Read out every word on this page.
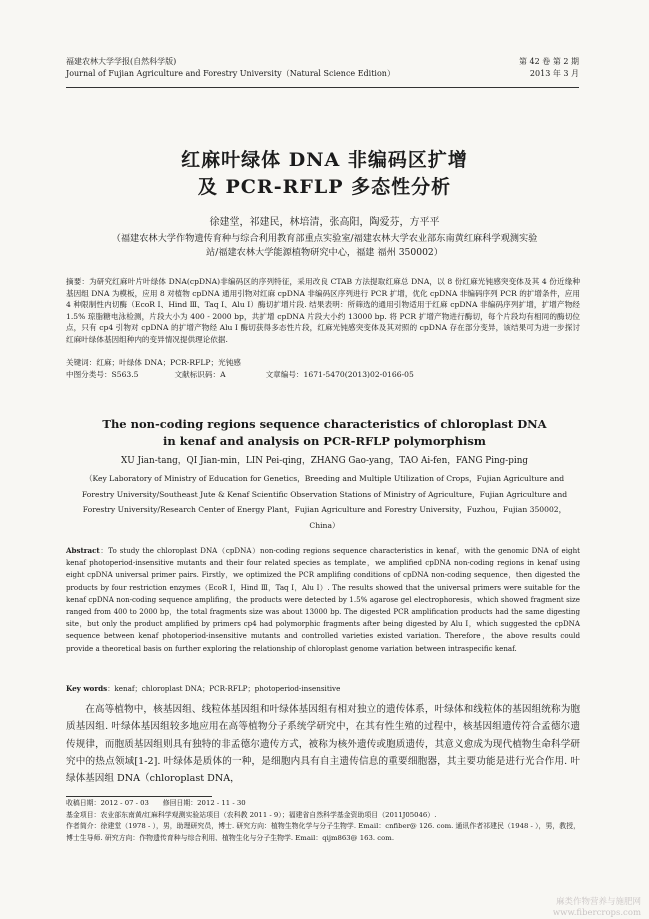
福建农林大学学报(自然科学版)
Journal of Fujian Agriculture and Forestry University（Natural Science Edition）
第 42 卷 第 2 期
2013 年 3 月
红麻叶绿体 DNA 非编码区扩增
及 PCR-RFLP 多态性分析
徐建堂，祁建民，林培清，张高阳，陶爱芬，方平平
（福建农林大学作物遗传育种与综合利用教育部重点实验室/福建农林大学农业部东南黄红麻科学观测实验站/福建农林大学能源植物研究中心，福建 福州 350002）
摘要：为研究红麻叶片叶绿体 DNA(cpDNA)非编码区的序列特征，采用改良 CTAB 方法提取红麻总 DNA，以 8 份红麻光钝感突变体及其 4 份近缘种基因组 DNA 为模板，应用 8 对植物 cpDNA 通用引物对红麻 cpDNA 非编码区序列进行 PCR 扩增，优化 cpDNA 非编码序列 PCR 的扩增条件，应用 4 种限制性内切酶（EcoR Ⅰ、Hind Ⅲ、Taq Ⅰ、Alu Ⅰ）酶切扩增片段. 结果表明：所筛选的通用引物适用于红麻 cpDNA 非编码序列扩增，扩增产物经 1.5% 琼脂糖电泳检测，片段大小为 400 - 2000 bp，共扩增 cpDNA 片段大小约 13000 bp. 将 PCR 扩增产物进行酶切，每个片段均有相同的酶切位点，只有 cp4 引物对 cpDNA 的扩增产物经 Alu Ⅰ 酶切获得多态性片段，红麻光钝感突变体及其对照的 cpDNA 存在部分变异，该结果可为进一步探讨红麻叶绿体基因组种内的变异情况提供理论依据.
关键词：红麻；叶绿体 DNA；PCR-RFLP；光钝感
中图分类号：S563.5	文献标识码：A	文章编号：1671-5470(2013)02-0166-05
The non-coding regions sequence characteristics of chloroplast DNA
in kenaf and analysis on PCR-RFLP polymorphism
XU Jian-tang，QI Jian-min，LIN Pei-qing，ZHANG Gao-yang，TAO Ai-fen，FANG Ping-ping
（Key Laboratory of Ministry of Education for Genetics，Breeding and Multiple Utilization of Crops，Fujian Agriculture and Forestry University/Southeast Jute & Kenaf Scientific Observation Stations of Ministry of Agriculture，Fujian Agriculture and Forestry University/Research Center of Energy Plant，Fujian Agriculture and Forestry University，Fuzhou，Fujian 350002，China）
Abstract：To study the chloroplast DNA（cpDNA）non-coding regions sequence characteristics in kenaf，with the genomic DNA of eight kenaf photoperiod-insensitive mutants and their four related species as template，we amplified cpDNA non-coding regions in kenaf using eight cpDNA universal primer pairs. Firstly，we optimized the PCR amplifing conditions of cpDNA non-coding sequence，then digested the products by four restriction enzymes（EcoR Ⅰ，Hind Ⅲ，Taq Ⅰ，Alu Ⅰ）. The results showed that the universal primers were suitable for the kenaf cpDNA non-coding sequence amplifing，the products were detected by 1.5% agarose gel electrophoresis，which showed fragment size ranged from 400 to 2000 bp，the total fragments size was about 13000 bp. The digested PCR amplification products had the same digesting site，but only the product amplified by primers cp4 had polymorphic fragments after being digested by Alu Ⅰ，which suggested the cpDNA sequence between kenaf photoperiod-insensitive mutants and controlled varieties existed variation. Therefore，the above results could provide a theoretical basis on further exploring the relationship of chloroplast genome variation between intraspecific kenaf.
Key words：kenaf；chloroplast DNA；PCR-RFLP；photoperiod-insensitive
在高等植物中，核基因组、线粒体基因组和叶绿体基因组有相对独立的遗传体系，叶绿体和线粒体的基因组统称为胞质基因组. 叶绿体基因组较多地应用在高等植物分子系统学研究中，在其有性生殖的过程中，核基因组遗传符合孟德尔遗传规律，而胞质基因组则具有独特的非孟德尔遗传方式，被称为核外遗传或胞质遗传，其意义愈成为现代植物生命科学研究中的热点领域[1-2]. 叶绿体是质体的一种，是细胞内具有自主遗传信息的重要细胞器，其主要功能是进行光合作用. 叶绿体基因组 DNA（chloroplast DNA，
收稿日期：2012 - 07 - 03　　修回日期：2012 - 11 - 30
基金项目：农业部东南黄/红麻科学观测实验站项目（农科教 2011 - 9）；福建省自然科学基金资助项目（2011J05046）.
作者简介：徐建堂（1978 - ），男，助理研究员，博士. 研究方向：植物生物化学与分子生物学. Email：cnfiber@ 126. com. 通讯作者祁建民（1948 - ），男，教授，博士生导师. 研究方向：作物遗传育种与综合利用、植物生化与分子生物学. Email：qijm863@ 163. com.
麻类作物营养与施肥网
www.fibercrops.com
